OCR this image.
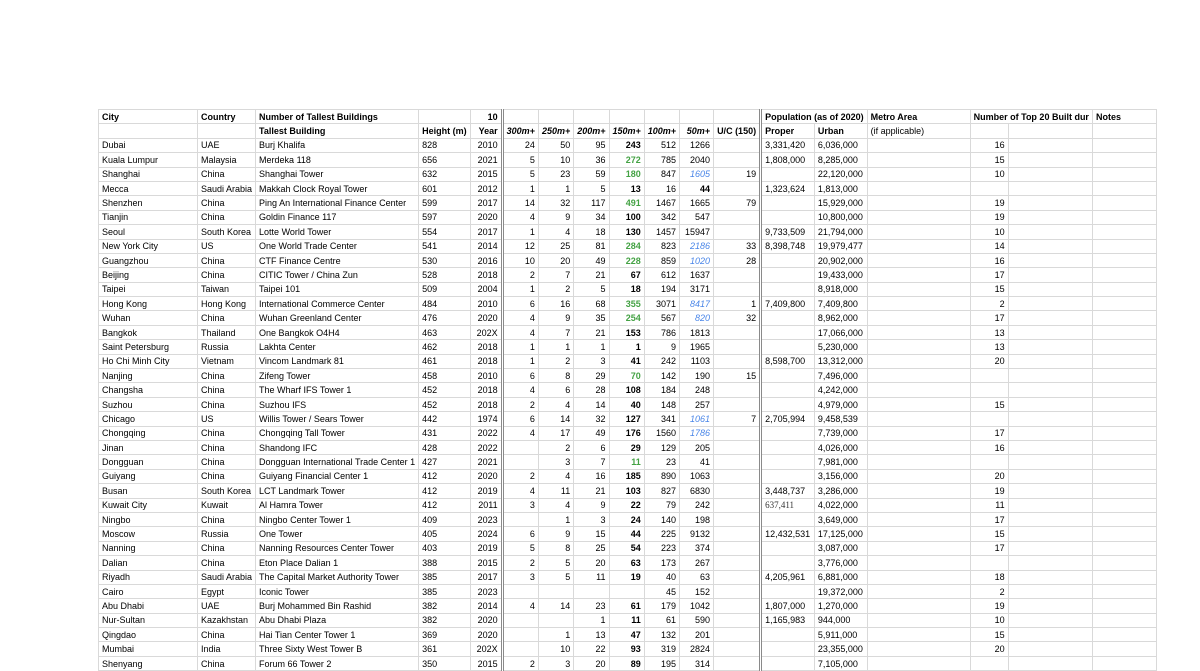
City	Country	Number of Tallest Buildings		10								Population (as of 2020)		Metro Area	Number of Top 20 Built dur		Notes
		Tallest Building	Height (m)	Year	300m+	250m+	200m+	150m+	100m+	50m+	U/C (150)	Proper	Urban	(if applicable)			
Dubai	UAE	Burj Khalifa	828	2010	24	50	95	243	512	1266		3,331,420	6,036,000		16		
Kuala Lumpur	Malaysia	Merdeka 118	656	2021	5	10	36	272	785	2040		1,808,000	8,285,000		15		
Shanghai	China	Shanghai Tower	632	2015	5	23	59	180	847	1605	19		22,120,000		10		
Mecca	Saudi Arabia	Makkah Clock Royal Tower	601	2012	1	1	5	13	16	44		1,323,624	1,813,000				
Shenzhen	China	Ping An International Finance Center	599	2017	14	32	117	491	1467	1665	79		15,929,000		19		
Tianjin	China	Goldin Finance 117	597	2020	4	9	34	100	342	547			10,800,000		19		
Seoul	South Korea	Lotte World Tower	554	2017	1	4	18	130	1457	15947		9,733,509	21,794,000		10		
New York City	US	One World Trade Center	541	2014	12	25	81	284	823	2186	33	8,398,748	19,979,477		14		
Guangzhou	China	CTF Finance Centre	530	2016	10	20	49	228	859	1020	28		20,902,000		16		
Beijing	China	CITIC Tower / China Zun	528	2018	2	7	21	67	612	1637			19,433,000		17		
Taipei	Taiwan	Taipei 101	509	2004	1	2	5	18	194	3171			8,918,000		15		
Hong Kong	Hong Kong	International Commerce Center	484	2010	6	16	68	355	3071	8417	1	7,409,800	7,409,800		2		
Wuhan	China	Wuhan Greenland Center	476	2020	4	9	35	254	567	820	32		8,962,000		17		
Bangkok	Thailand	One Bangkok O4H4	463	202X	4	7	21	153	786	1813			17,066,000		13		
Saint Petersburg	Russia	Lakhta Center	462	2018	1	1	1	1	9	1965			5,230,000		13		
Ho Chi Minh City	Vietnam	Vincom Landmark 81	461	2018	1	2	3	41	242	1103		8,598,700	13,312,000		20		
Nanjing	China	Zifeng Tower	458	2010	6	8	29	70	142	190	15		7,496,000				
Changsha	China	The Wharf IFS Tower 1	452	2018	4	6	28	108	184	248			4,242,000				
Suzhou	China	Suzhou IFS	452	2018	2	4	14	40	148	257			4,979,000		15		
Chicago	US	Willis Tower / Sears Tower	442	1974	6	14	32	127	341	1061	7	2,705,994	9,458,539				
Chongqing	China	Chongqing Tall Tower	431	2022	4	17	49	176	1560	1786			7,739,000		17		
Jinan	China	Shandong IFC	428	2022		2	6	29	129	205			4,026,000		16		
Dongguan	China	Dongguan International Trade Center 1	427	2021		3	7	11	23	41			7,981,000				
Guiyang	China	Guiyang Financial Center 1	412	2020	2	4	16	185	890	1063			3,156,000		20		
Busan	South Korea	LCT Landmark Tower	412	2019	4	11	21	103	827	6830		3,448,737	3,286,000		19		
Kuwait City	Kuwait	Al Hamra Tower	412	2011	3	4	9	22	79	242		637,411	4,022,000		11		
Ningbo	China	Ningbo Center Tower 1	409	2023		1	3	24	140	198			3,649,000		17		
Moscow	Russia	One Tower	405	2024	6	9	15	44	225	9132		12,432,531	17,125,000		15		
Nanning	China	Nanning Resources Center Tower	403	2019	5	8	25	54	223	374			3,087,000		17		
Dalian	China	Eton Place Dalian 1	388	2015	2	5	20	63	173	267			3,776,000				
Riyadh	Saudi Arabia	The Capital Market Authority Tower	385	2017	3	5	11	19	40	63		4,205,961	6,881,000		18		
Cairo	Egypt	Iconic Tower	385	2023					45	152			19,372,000		2		
Abu Dhabi	UAE	Burj Mohammed Bin Rashid	382	2014	4	14	23	61	179	1042		1,807,000	1,270,000		19		
Nur-Sultan	Kazakhstan	Abu Dhabi Plaza	382	2020			1	11	61	590		1,165,983	944,000		10		
Qingdao	China	Hai Tian Center Tower 1	369	2020		1	13	47	132	201			5,911,000		15		
Mumbai	India	Three Sixty West Tower B	361	202X		10	22	93	319	2824			23,355,000		20		
Shenyang	China	Forum 66 Tower 2	350	2015	2	3	20	89	195	314			7,105,000				
